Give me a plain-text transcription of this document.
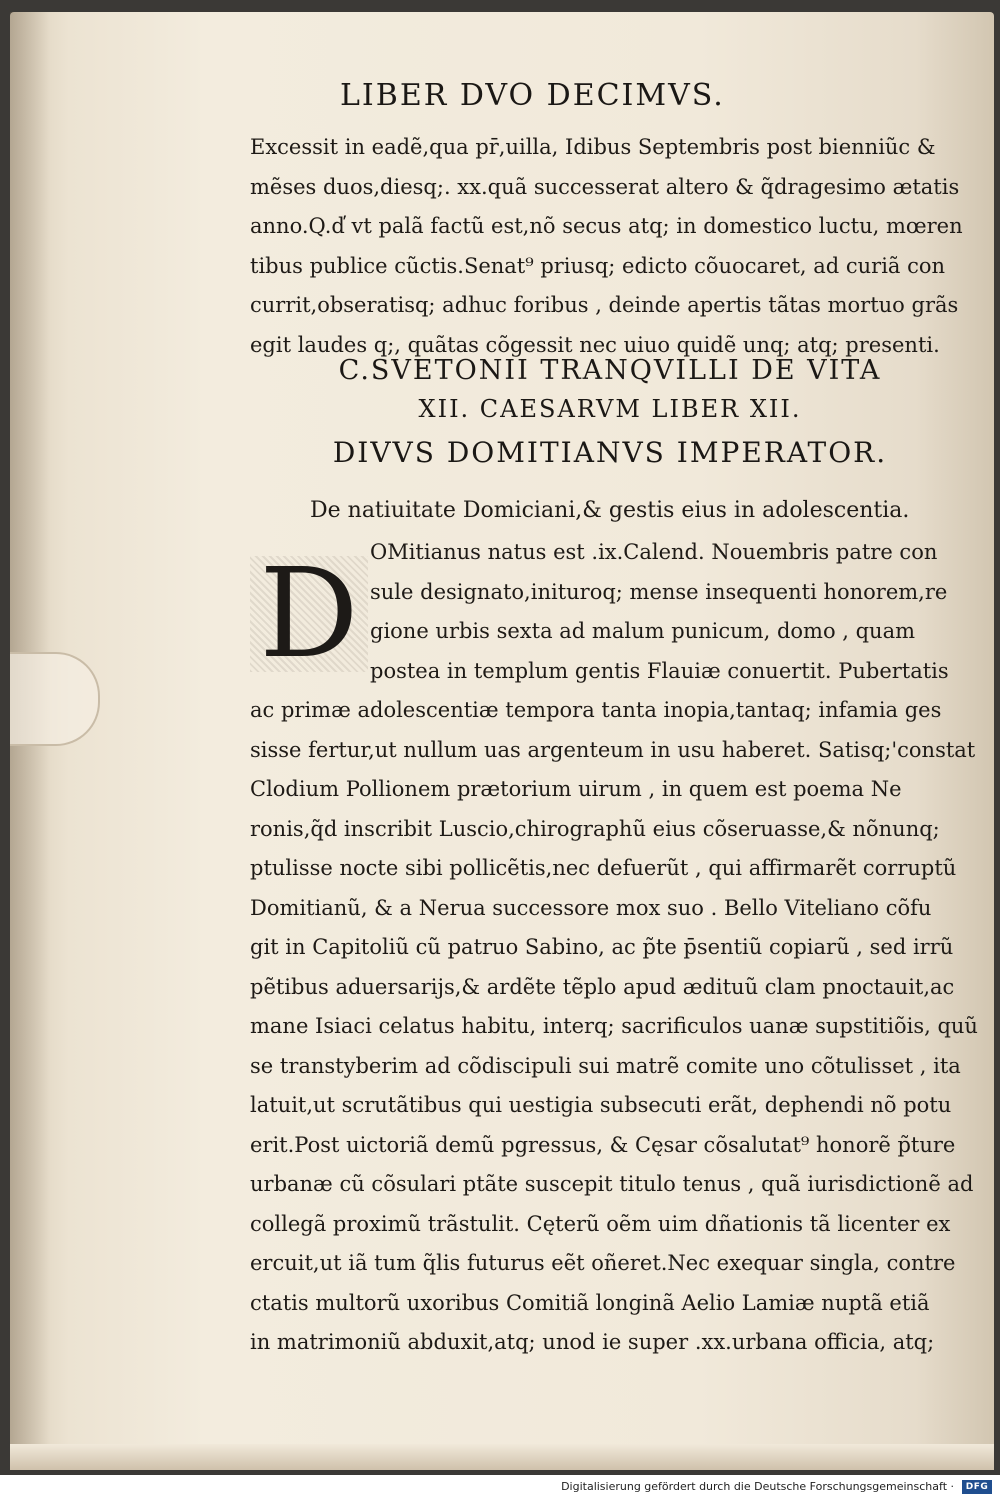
LIBER DVO DECIMVS.
Excessit in eadẽ,qua pr̄,uilla, Idibus Septembris post bienniũc &
mẽses duos,diesq;. xx.quã successerat altero & q̃dragesimo ætatis
anno.Q.d̕ vt palã factũ est,nõ secus atq; in domestico luctu, mœren
tibus publice cũctis.Senat⁹ priusq; edicto cõuocaret, ad curiã con
currit,obseratisq; adhuc foribus , deinde apertis tãtas mortuo grãs
egit laudes q;, quãtas cõgessit nec uiuo quidẽ unq; atq; presenti.
C.SVETONII TRANQVILLI DE VITA
XII. CAESARVM LIBER XII.
DIVVS DOMITIANVS IMPERATOR.
De natiuitate Domiciani,& gestis eius in adolescentia.
D OMitianus natus est .ix.Calend. Nouembris patre con
sule designato,inituroq; mense insequenti honorem,re
gione urbis sexta ad malum punicum, domo , quam
postea in templum gentis Flauiæ conuertit. Pubertatis
ac primæ adolescentiæ tempora tanta inopia,tantaq; infamia ges
sisse fertur,ut nullum uas argenteum in usu haberet. Satisq;'constat
Clodium Pollionem prætorium uirum , in quem est poema Ne
ronis,q̃d inscribit Luscio,chirographũ eius cõseruasse,& nõnunq;
ptulisse nocte sibi pollicẽtis,nec defuerũt , qui affirmarẽt corruptũ
Domitianũ, & a Nerua successore mox suo . Bello Viteliano cõfu
git in Capitoliũ cũ patruo Sabino, ac p̃te p̄sentiũ copiarũ , sed irrũ
pẽtibus aduersarijs,& ardẽte tẽplo apud ædituũ clam pnoctauit,ac
mane Isiaci celatus habitu, interq; sacrificulos uanæ supstitiõis, quũ
se transtyberim ad cõdiscipuli sui matrẽ comite uno cõtulisset , ita
latuit,ut scrutãtibus qui uestigia subsecuti erãt, dephendi nõ potu
erit.Post uictoriã demũ pgressus, & Cęsar cõsalutat⁹ honorẽ p̃ture
urbanæ cũ cõsulari ptãte suscepit titulo tenus , quã iurisdictionẽ ad
collegã proximũ trãstulit. Cęterũ oẽm uim dñationis tã licenter ex
ercuit,ut iã tum q̃lis futurus eẽt oñeret.Nec exequar singla, contre
ctatis multorũ uxoribus Comitiã longinã Aelio Lamiæ nuptã etiã
in matrimoniũ abduxit,atq; unod ie super .xx.urbana officia, atq;
Digitalisierung gefördert durch die Deutsche Forschungsgemeinschaft ·	DFG
